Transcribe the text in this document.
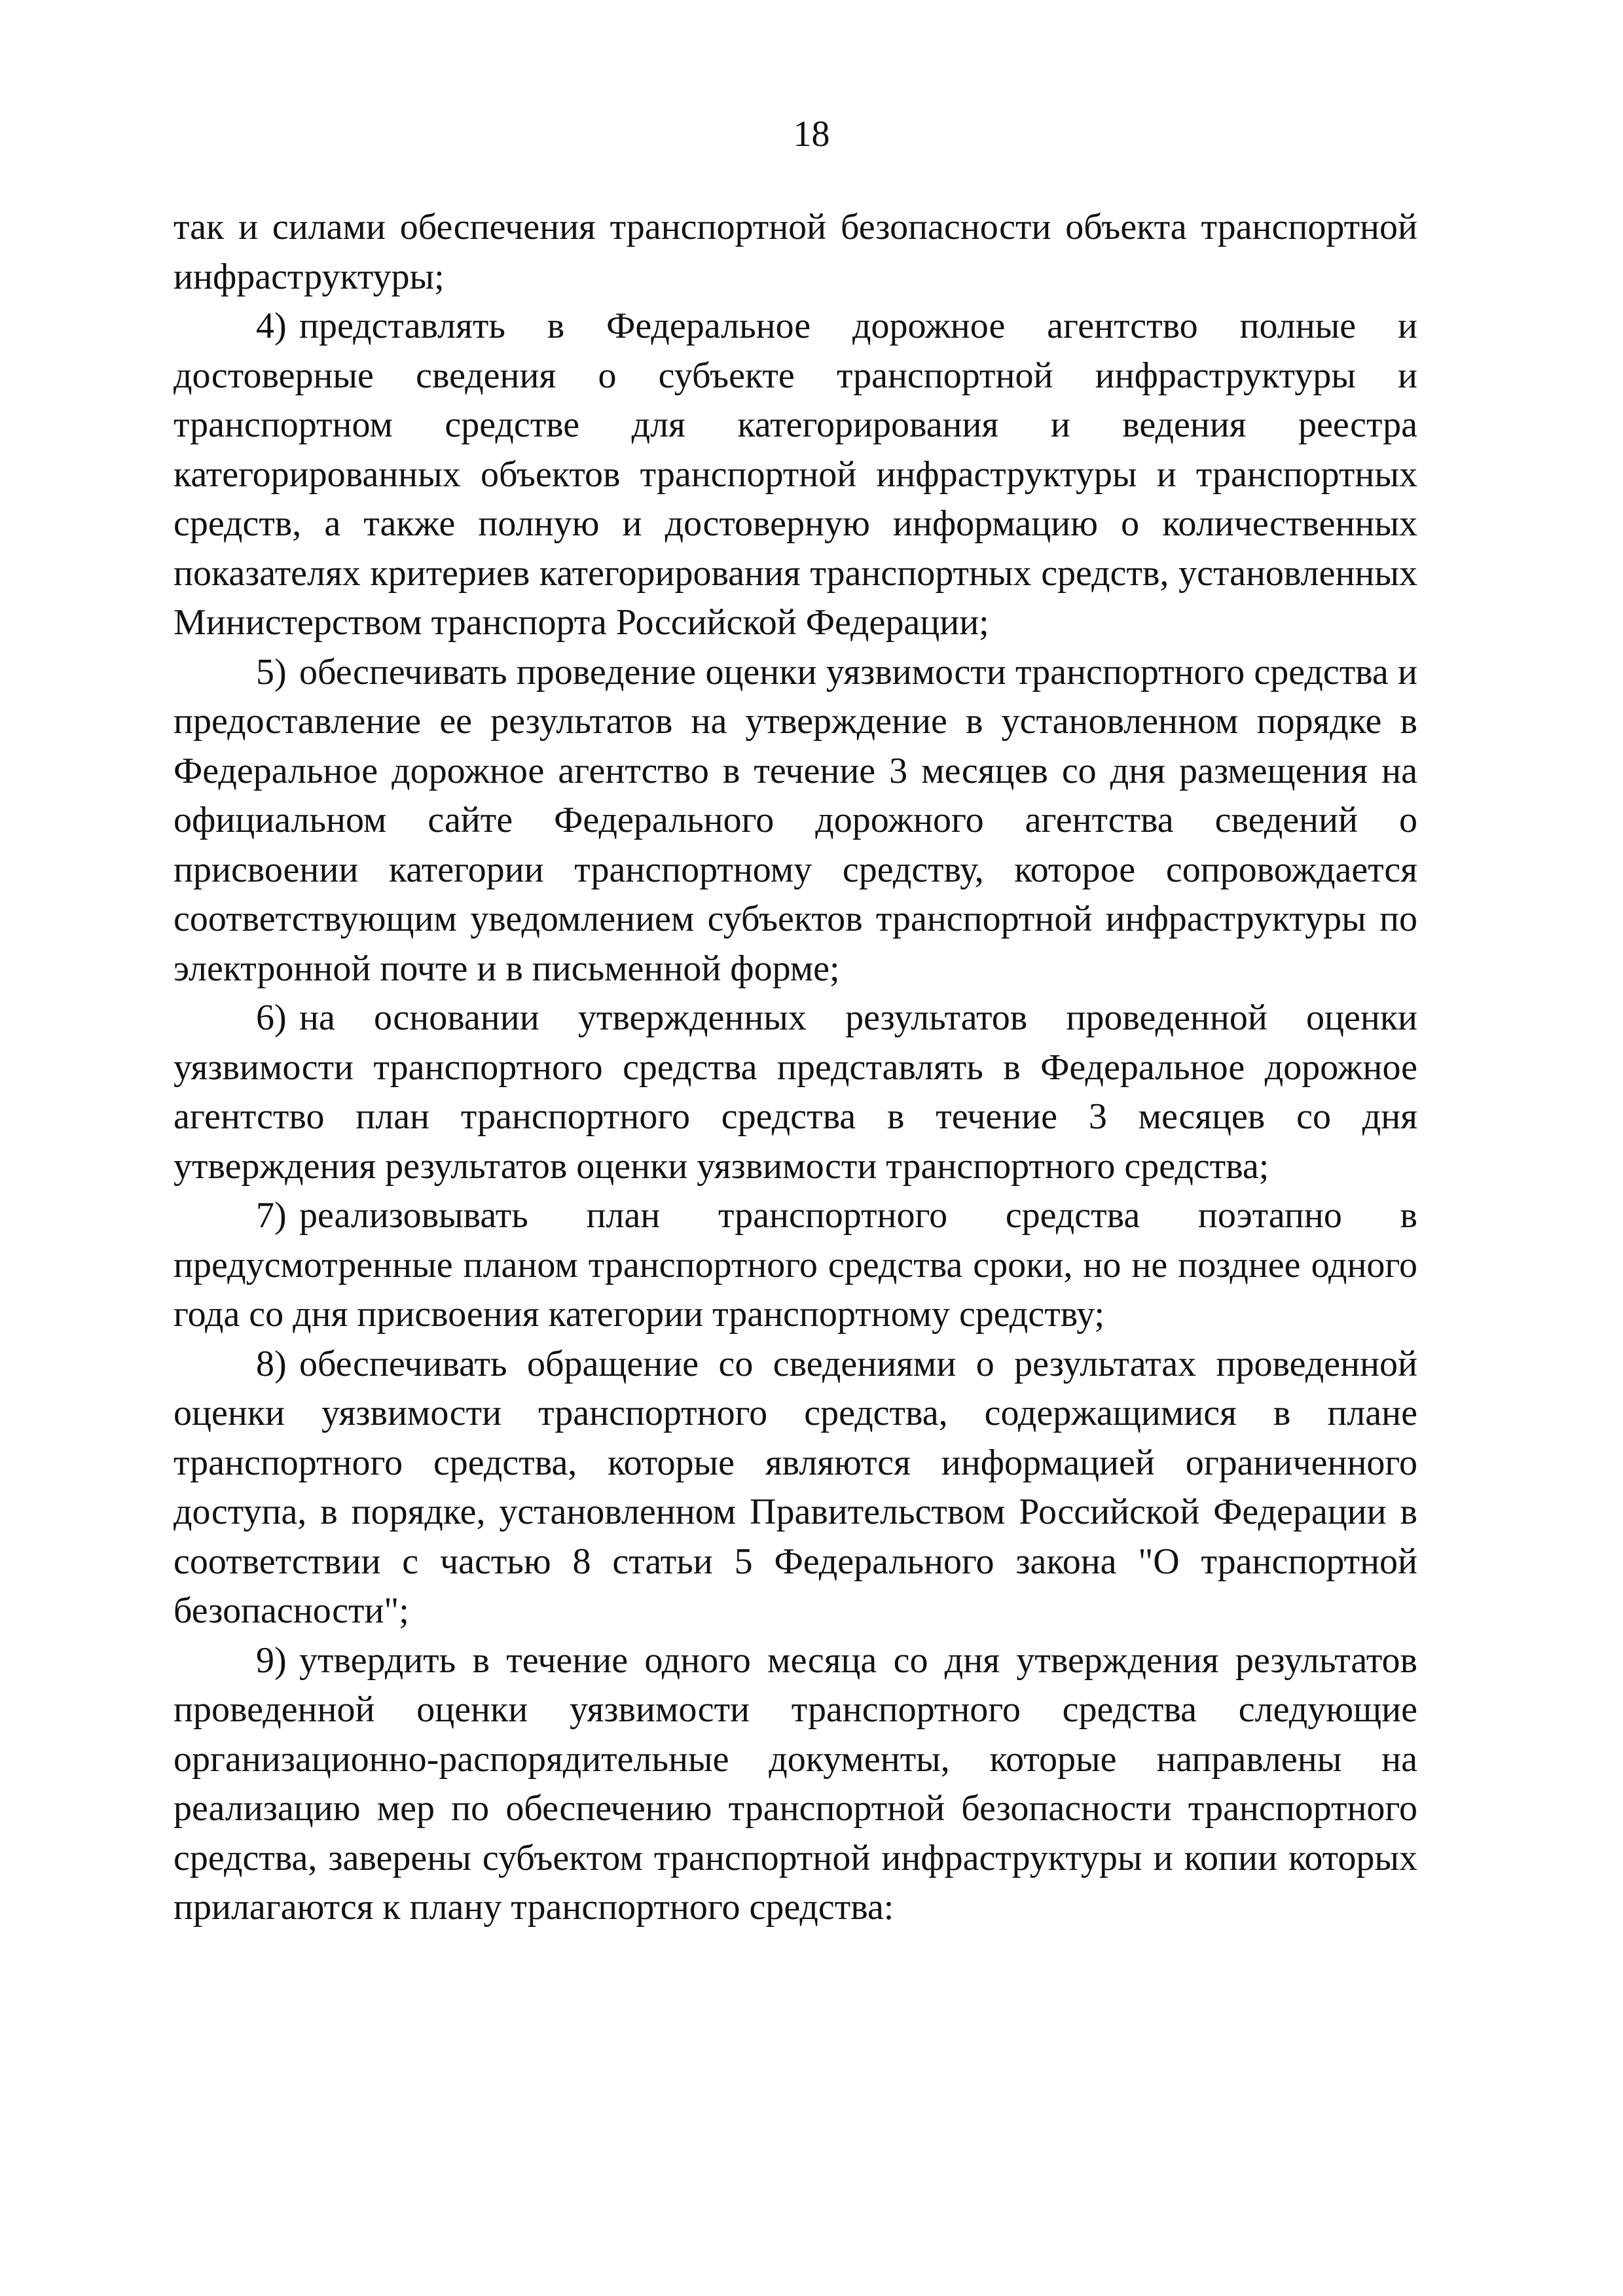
18

так и силами обеспечения транспортной безопасности объекта транспортной инфраструктуры;

4) представлять в Федеральное дорожное агентство полные и достоверные сведения о субъекте транспортной инфраструктуры и транспортном средстве для категорирования и ведения реестра категорированных объектов транспортной инфраструктуры и транспортных средств, а также полную и достоверную информацию о количественных показателях критериев категорирования транспортных средств, установленных Министерством транспорта Российской Федерации;

5) обеспечивать проведение оценки уязвимости транспортного средства и предоставление ее результатов на утверждение в установленном порядке в Федеральное дорожное агентство в течение 3 месяцев со дня размещения на официальном сайте Федерального дорожного агентства сведений о присвоении категории транспортному средству, которое сопровождается соответствующим уведомлением субъектов транспортной инфраструктуры по электронной почте и в письменной форме;

6) на основании утвержденных результатов проведенной оценки уязвимости транспортного средства представлять в Федеральное дорожное агентство план транспортного средства в течение 3 месяцев со дня утверждения результатов оценки уязвимости транспортного средства;

7) реализовывать план транспортного средства поэтапно в предусмотренные планом транспортного средства сроки, но не позднее одного года со дня присвоения категории транспортному средству;

8) обеспечивать обращение со сведениями о результатах проведенной оценки уязвимости транспортного средства, содержащимися в плане транспортного средства, которые являются информацией ограниченного доступа, в порядке, установленном Правительством Российской Федерации в соответствии с частью 8 статьи 5 Федерального закона "О транспортной безопасности";

9) утвердить в течение одного месяца со дня утверждения результатов проведенной оценки уязвимости транспортного средства следующие организационно-распорядительные документы, которые направлены на реализацию мер по обеспечению транспортной безопасности транспортного средства, заверены субъектом транспортной инфраструктуры и копии которых прилагаются к плану транспортного средства:
